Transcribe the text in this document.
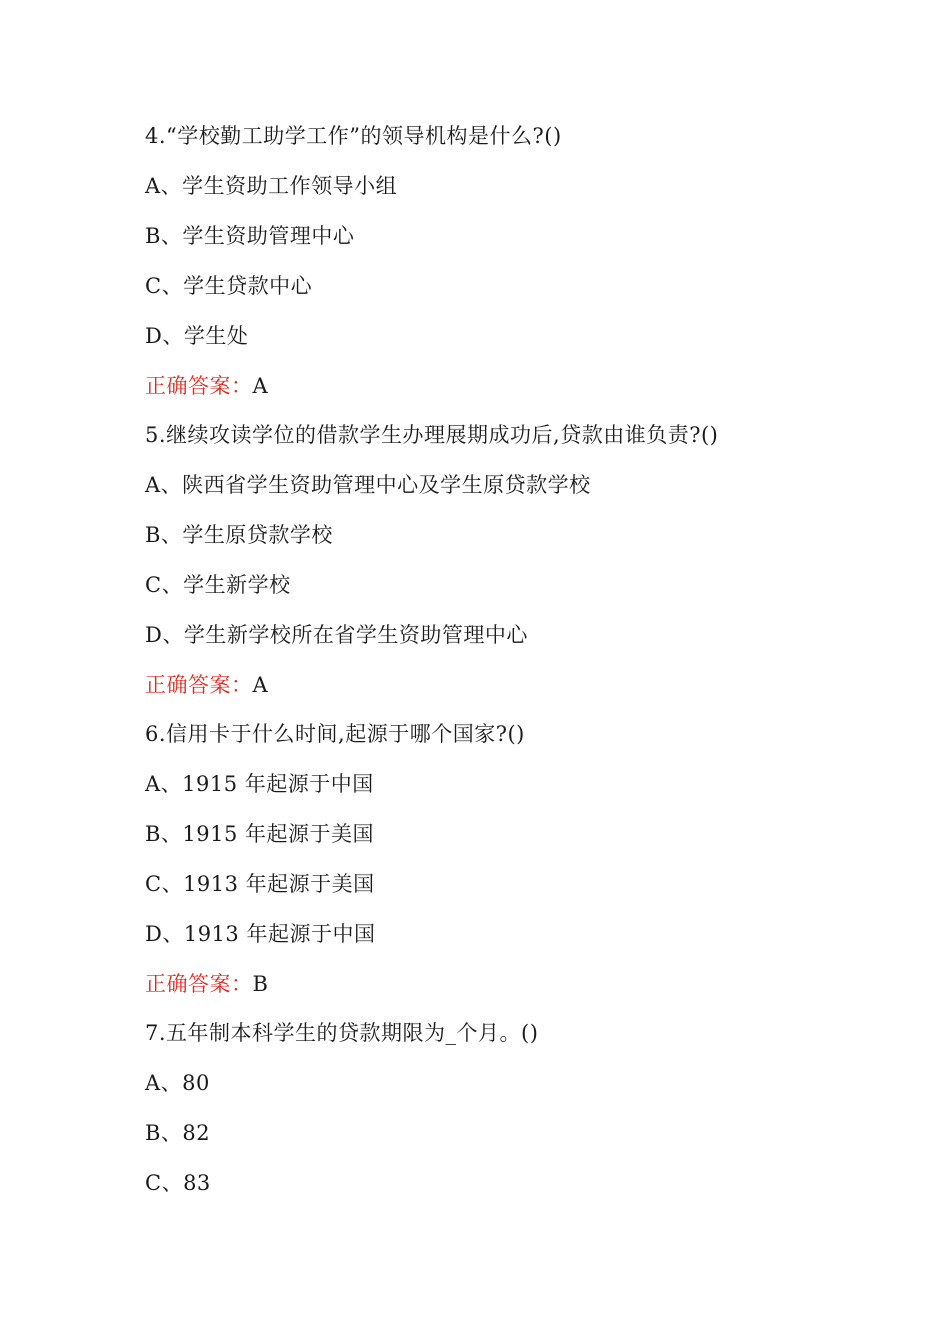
4.“学校勤工助学工作”的领导机构是什么?()
A、学生资助工作领导小组
B、学生资助管理中心
C、学生贷款中心
D、学生处
正确答案：A
5.继续攻读学位的借款学生办理展期成功后,贷款由谁负责?()
A、陕西省学生资助管理中心及学生原贷款学校
B、学生原贷款学校
C、学生新学校
D、学生新学校所在省学生资助管理中心
正确答案：A
6.信用卡于什么时间,起源于哪个国家?()
A、1915 年起源于中国
B、1915 年起源于美国
C、1913 年起源于美国
D、1913 年起源于中国
正确答案：B
7.五年制本科学生的贷款期限为_个月。()
A、80
B、82
C、83
